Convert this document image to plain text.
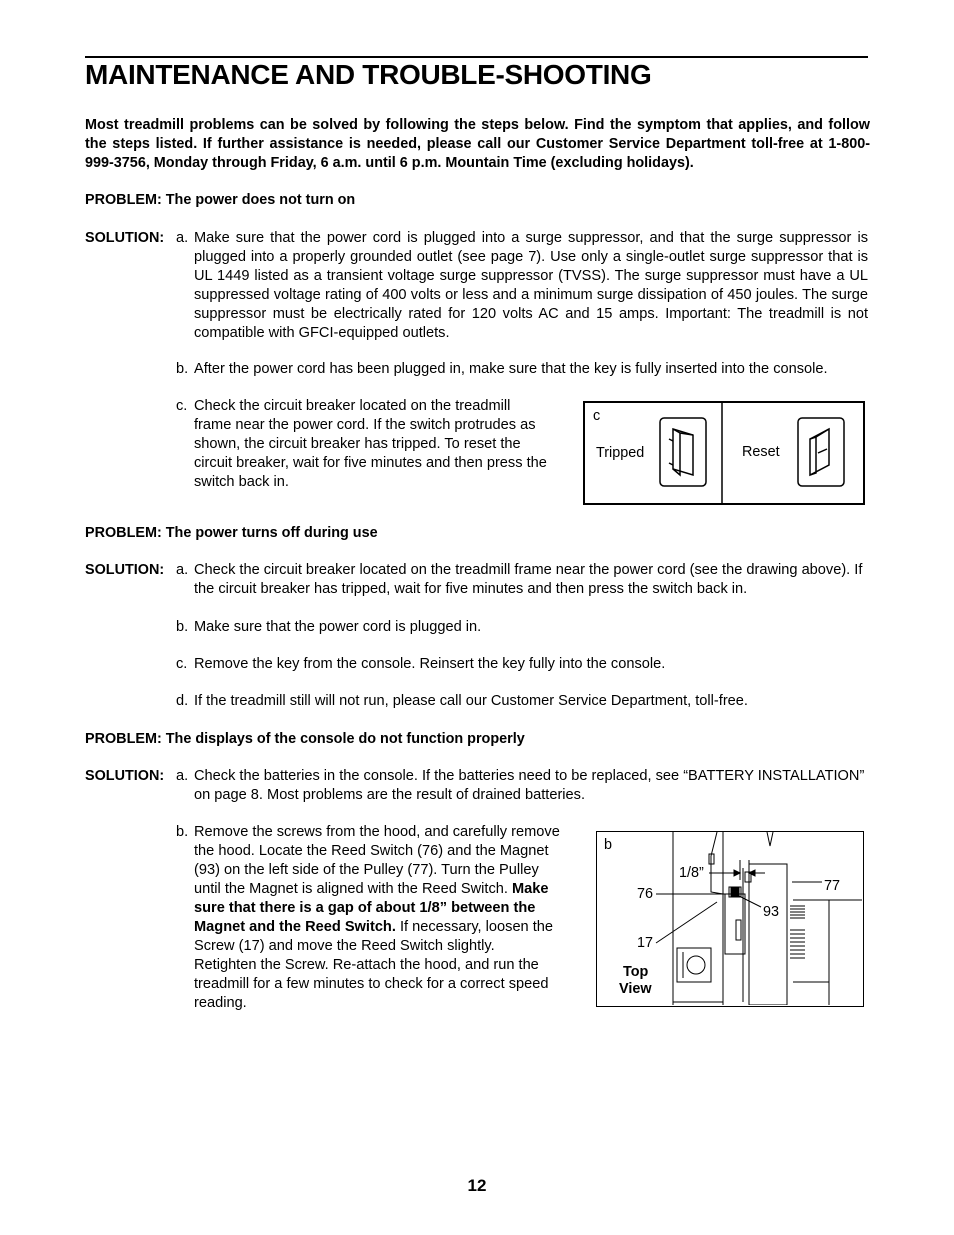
MAINTENANCE AND TROUBLE-SHOOTING

Most treadmill problems can be solved by following the steps below. Find the symptom that applies, and follow the steps listed. If further assistance is needed, please call our Customer Service Department toll-free at 1-800-999-3756, Monday through Friday, 6 a.m. until 6 p.m. Mountain Time (excluding holidays).

PROBLEM: The power does not turn on

SOLUTION: a. Make sure that the power cord is plugged into a surge suppressor, and that the surge suppressor is plugged into a properly grounded outlet (see page 7). Use only a single-outlet surge suppressor that is UL 1449 listed as a transient voltage surge suppressor (TVSS). The surge suppressor must have a UL suppressed voltage rating of 400 volts or less and a minimum surge dissipation of 450 joules. The surge suppressor must be electrically rated for 120 volts AC and 15 amps. Important: The treadmill is not compatible with GFCI-equipped outlets.
b. After the power cord has been plugged in, make sure that the key is fully inserted into the console.
c. Check the circuit breaker located on the treadmill frame near the power cord. If the switch protrudes as shown, the circuit breaker has tripped. To reset the circuit breaker, wait for five minutes and then press the switch back in.
c
Tripped	Reset

PROBLEM: The power turns off during use

SOLUTION: a. Check the circuit breaker located on the treadmill frame near the power cord (see the drawing above). If the circuit breaker has tripped, wait for five minutes and then press the switch back in.
b. Make sure that the power cord is plugged in.
c. Remove the key from the console. Reinsert the key fully into the console.
d. If the treadmill still will not run, please call our Customer Service Department, toll-free.

PROBLEM: The displays of the console do not function properly

SOLUTION: a. Check the batteries in the console. If the batteries need to be replaced, see “BATTERY INSTALLATION” on page 8. Most problems are the result of drained batteries.
b. Remove the screws from the hood, and carefully remove the hood. Locate the Reed Switch (76) and the Magnet (93) on the left side of the Pulley (77). Turn the Pulley until the Magnet is aligned with the Reed Switch. Make sure that there is a gap of about 1/8” between the Magnet and the Reed Switch. If necessary, loosen the Screw (17) and move the Reed Switch slightly. Retighten the Screw. Re-attach the hood, and run the treadmill for a few minutes to check for a correct speed reading.
b
1/8”
76
93
77
17
Top
View
12
